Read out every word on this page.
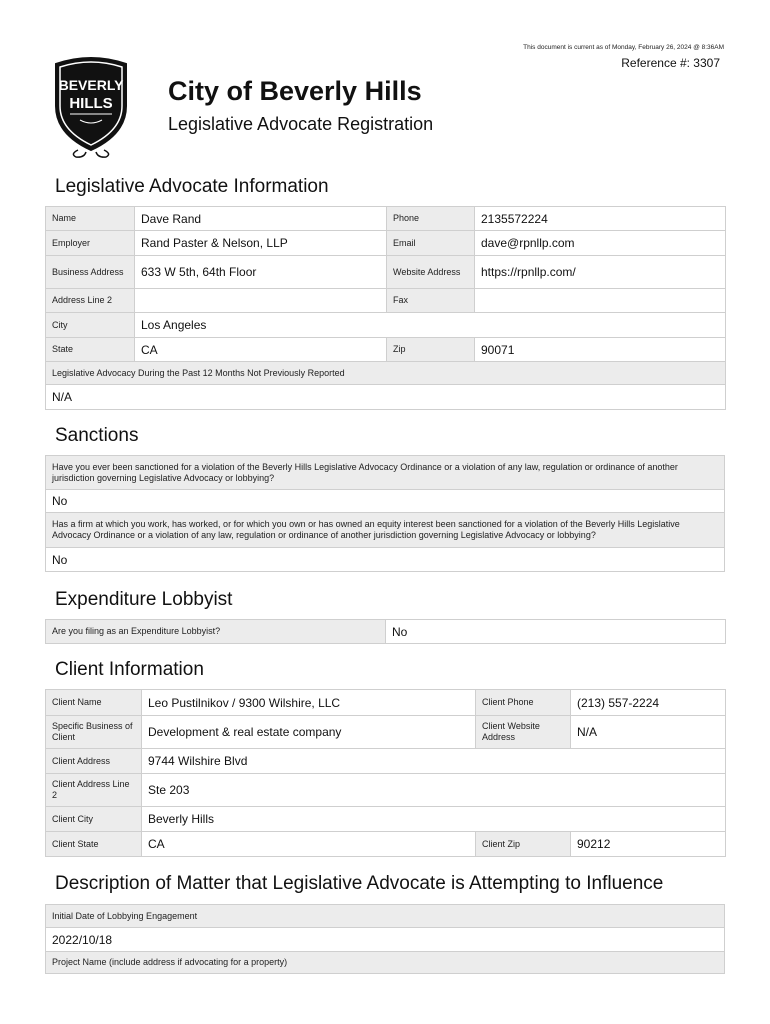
This document is current as of Monday, February 26, 2024 @ 8:36AM
Reference #: 3307
BEVERLY
HILLS City of Beverly Hills
Legislative Advocate Registration
Legislative Advocate Information
Name	Dave Rand	Phone	2135572224
Employer	Rand Paster & Nelson, LLP	Email	dave@rpnllp.com
Business Address	633 W 5th, 64th Floor	Website Address	https://rpnllp.com/
Address Line 2		Fax	
City	Los Angeles		
State	CA	Zip	90071
Legislative Advocacy During the Past 12 Months Not Previously Reported			
N/A			
Sanctions
Have you ever been sanctioned for a violation of the Beverly Hills Legislative Advocacy Ordinance or a violation of any law, regulation or ordinance of another jurisdiction governing Legislative Advocacy or lobbying?
No
Has a firm at which you work, has worked, or for which you own or has owned an equity interest been sanctioned for a violation of the Beverly Hills Legislative Advocacy Ordinance or a violation of any law, regulation or ordinance of another jurisdiction governing Legislative Advocacy or lobbying?
No
Expenditure Lobbyist
Are you filing as an Expenditure Lobbyist?	No
Client Information
Client Name	Leo Pustilnikov / 9300 Wilshire, LLC	Client Phone	(213) 557-2224
Specific Business of Client	Development & real estate company	Client Website Address	N/A
Client Address	9744 Wilshire Blvd		
Client Address Line 2	Ste 203		
Client City	Beverly Hills		
Client State	CA	Client Zip	90212
Description of Matter that Legislative Advocate is Attempting to Influence
Initial Date of Lobbying Engagement
2022/10/18
Project Name (include address if advocating for a property)
